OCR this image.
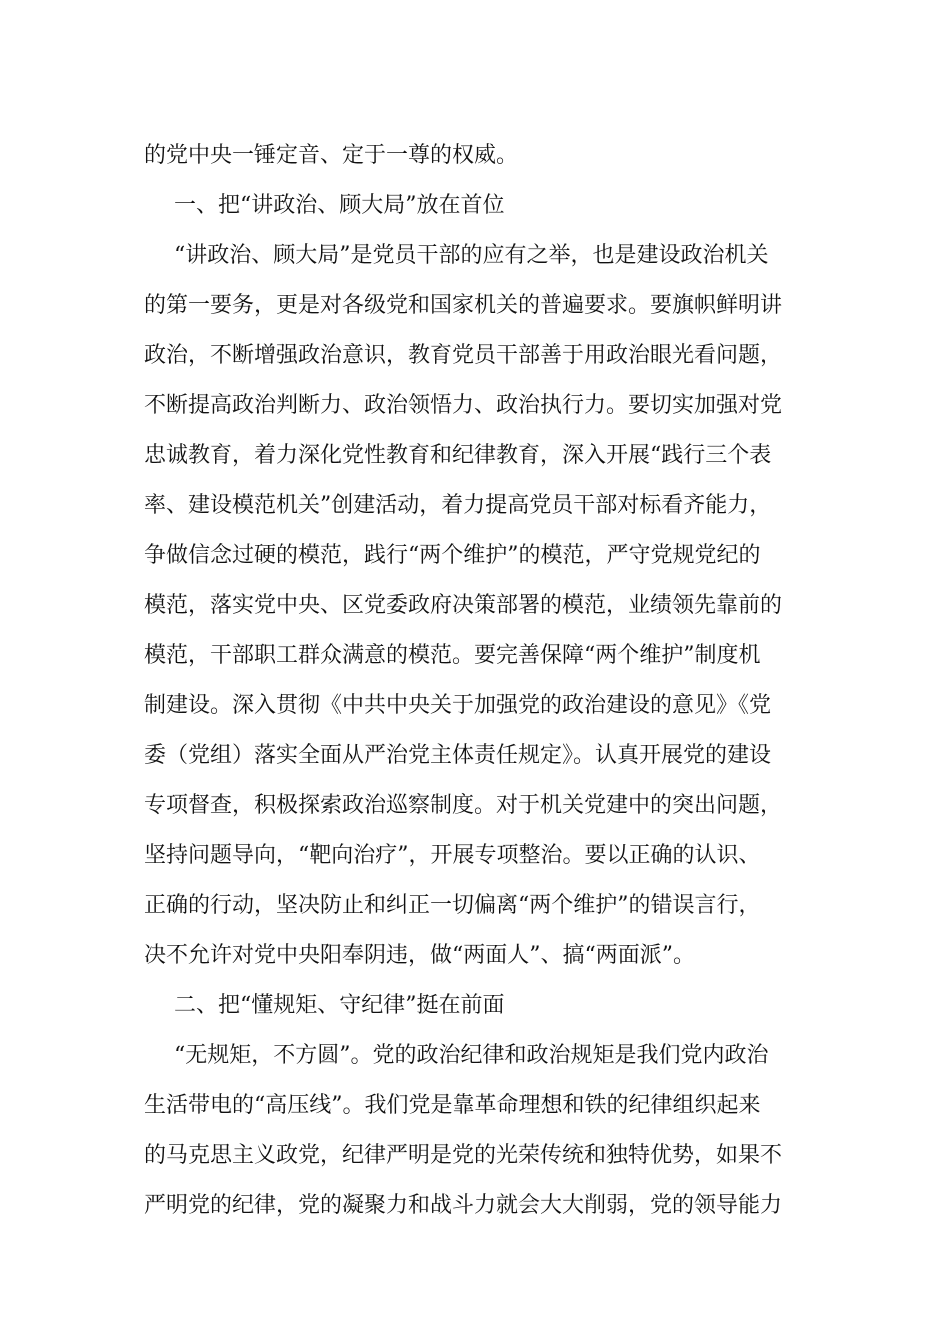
的党中央一锤定音、定于一尊的权威。
一、把“讲政治、顾大局”放在首位
“讲政治、顾大局”是党员干部的应有之举，也是建设政治机关
的第一要务，更是对各级党和国家机关的普遍要求。要旗帜鲜明讲
政治，不断增强政治意识，教育党员干部善于用政治眼光看问题，
不断提高政治判断力、政治领悟力、政治执行力。要切实加强对党
忠诚教育，着力深化党性教育和纪律教育，深入开展“践行三个表
率、建设模范机关”创建活动，着力提高党员干部对标看齐能力，
争做信念过硬的模范，践行“两个维护”的模范，严守党规党纪的
模范，落实党中央、区党委政府决策部署的模范，业绩领先靠前的
模范，干部职工群众满意的模范。要完善保障“两个维护”制度机
制建设。深入贯彻《中共中央关于加强党的政治建设的意见》《党
委（党组）落实全面从严治党主体责任规定》。认真开展党的建设
专项督查，积极探索政治巡察制度。对于机关党建中的突出问题，
坚持问题导向，“靶向治疗”，开展专项整治。要以正确的认识、
正确的行动，坚决防止和纠正一切偏离“两个维护”的错误言行，
决不允许对党中央阳奉阴违，做“两面人”、搞“两面派”。
二、把“懂规矩、守纪律”挺在前面
“无规矩，不方圆”。党的政治纪律和政治规矩是我们党内政治
生活带电的“高压线”。我们党是靠革命理想和铁的纪律组织起来
的马克思主义政党，纪律严明是党的光荣传统和独特优势，如果不
严明党的纪律，党的凝聚力和战斗力就会大大削弱，党的领导能力
